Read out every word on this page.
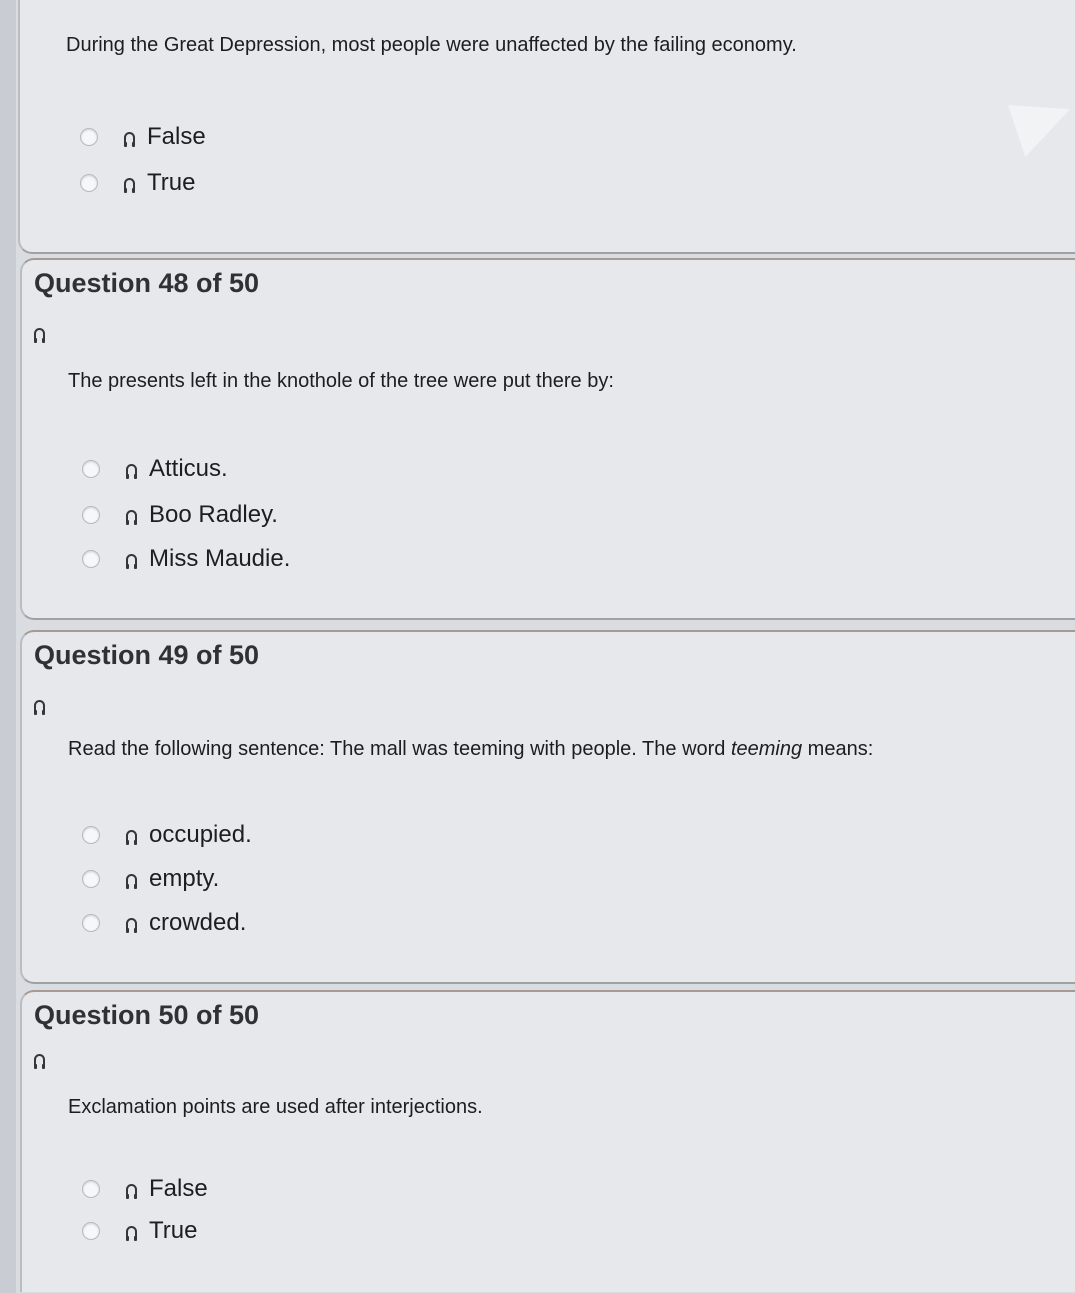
During the Great Depression, most people were unaffected by the failing economy.
False
True
Question 48 of 50
The presents left in the knothole of the tree were put there by:
Atticus.
Boo Radley.
Miss Maudie.
Question 49 of 50
Read the following sentence: The mall was teeming with people. The word teeming means:
occupied.
empty.
crowded.
Question 50 of 50
Exclamation points are used after interjections.
False
True
